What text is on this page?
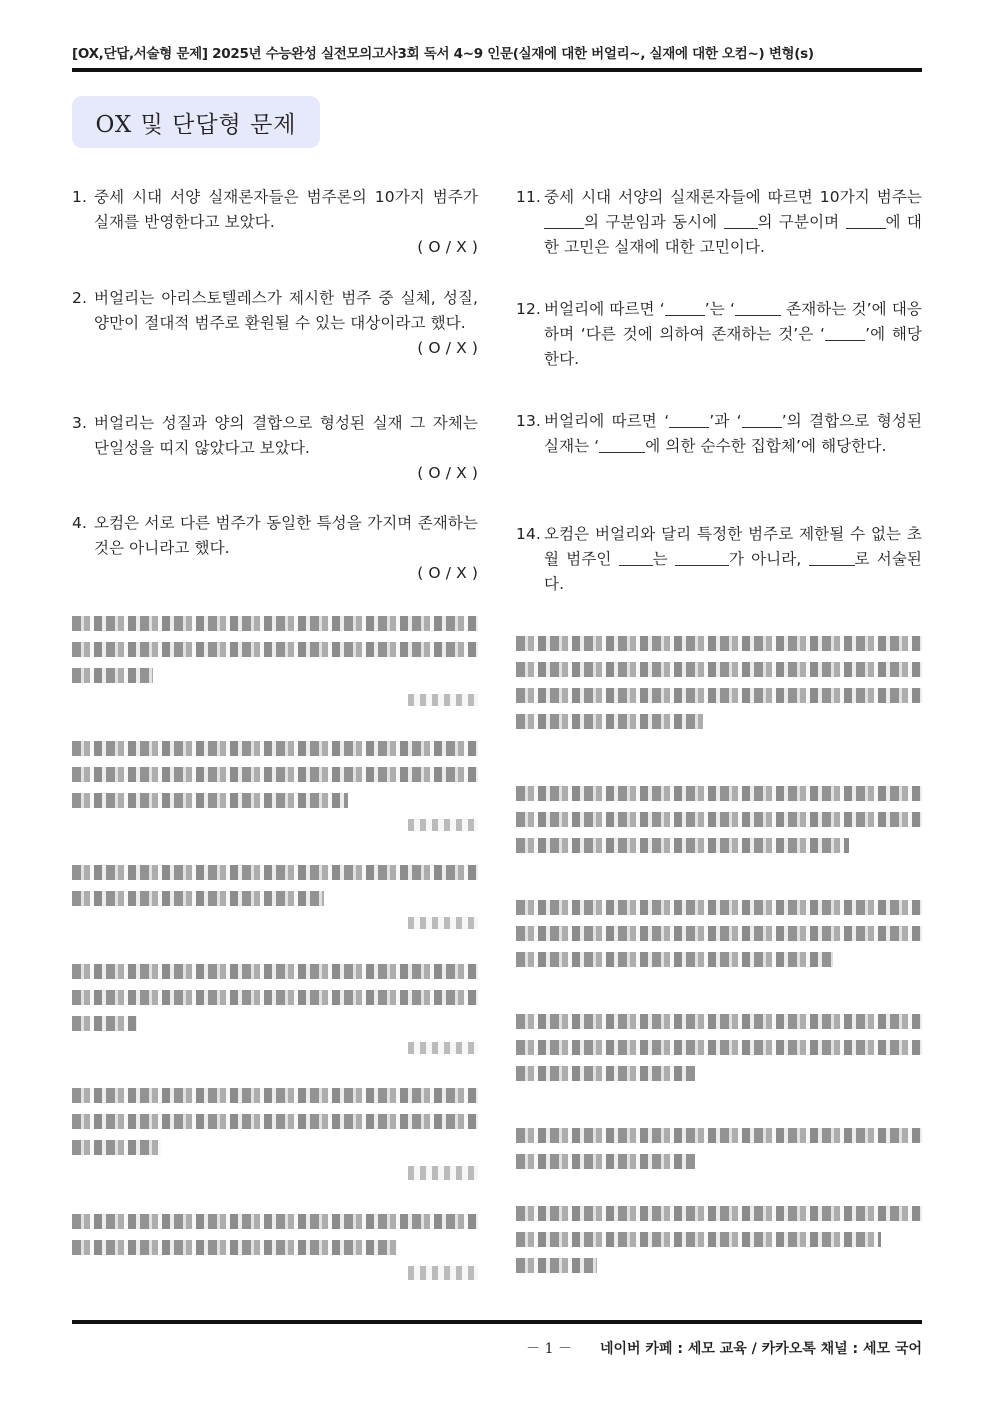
[OX,단답,서술형 문제] 2025년 수능완성 실전모의고사3회 독서 4~9 인문(실재에 대한 버얼리~, 실재에 대한 오컴~) 변형(s)
OX 및 단답형 문제
1. 중세 시대 서양 실재론자들은 범주론의 10가지 범주가 실재를 반영한다고 보았다.
( O / X )
2. 버얼리는 아리스토텔레스가 제시한 범주 중 실체, 성질, 양만이 절대적 범주로 환원될 수 있는 대상이라고 했다.
( O / X )
3. 버얼리는 성질과 양의 결합으로 형성된 실재 그 자체는 단일성을 띠지 않았다고 보았다.
( O / X )
4. 오컴은 서로 다른 범주가 동일한 특성을 가지며 존재하는 것은 아니라고 했다.
( O / X )
11. 중세 시대 서양의 실재론자들에 따르면 10가지 범주는 의 구분임과 동시에 의 구분이며	에 대한 고민은 실재에 대한 고민이다.
12. 버얼리에 따르면 ‘	’는 ‘	존재하는 것’에 대응하며 ‘다른 것에 의하여 존재하는 것’은 ‘	’에 해당한다.
13. 버얼리에 따르면 ‘	’과 ‘	’의 결합으로 형성된 실재는 ‘	에 의한 순수한 집합체’에 해당한다.
14. 오컴은 버얼리와 달리 특정한 범주로 제한될 수 없는 초월 범주인 는	가 아니라,	로 서술된다.
－ 1 － 네이버 카페 : 세모 교육 / 카카오톡 채널 : 세모 국어
